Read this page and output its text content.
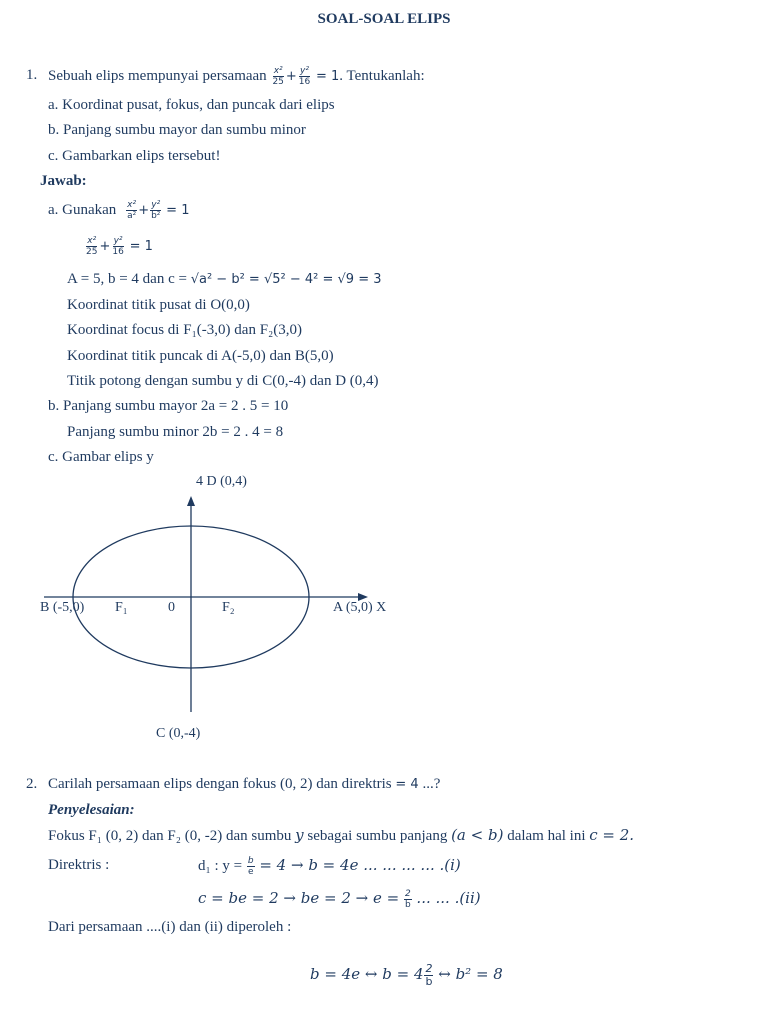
SOAL-SOAL ELIPS
1. Sebuah elips mempunyai persamaan $\frac{\text{x²}}{25} + \frac{\text{y²}}{16} = 1$. Tentukanlah:
a. Koordinat pusat, fokus, dan puncak dari elips
b. Panjang sumbu mayor dan sumbu minor
c. Gambarkan elips tersebut!
Jawab:
a. Gunakan $\frac{\text{x²}}{\text{a²}} + \frac{\text{y²}}{\text{b²}} = 1$
$\frac{\text{x²}}{25} + \frac{\text{y²}}{16} = 1$
A = 5, b = 4 dan c = √a² − b² = √5² − 4² = √9 = 3
Koordinat titik pusat di O(0,0)
Koordinat focus di F₁(-3,0) dan F₂(3,0)
Koordinat titik puncak di A(-5,0) dan B(5,0)
Titik potong dengan sumbu y di C(0,-4) dan D (0,4)
b. Panjang sumbu mayor 2a = 2 . 5 = 10
Panjang sumbu minor 2b = 2 . 4 = 8
c. Gambar elips y
4 D (0,4)
B (-5,0) F₁	0	F₂	A (5,0) X
C (0,-4)
2. Carilah persamaan elips dengan fokus (0, 2) dan direktris = 4 ...?
Penyelesaian:
Fokus F₁ (0, 2) dan F₂ (0, -2) dan sumbu y sebagai sumbu panjang (a < b) dalam hal ini c = 2.
Direktris :	d₁ : $y = \frac{b}{e} = 4 \to b = 4e$ ... ... ... ... .(i)
c = be = 2 → be = $2 \to e = \frac{2}{b}$ ... ... .(ii)
Dari persamaan ....(i) dan (ii) diperoleh :
b = 4e ↔ $b = 4 \frac{2}{b}$ ↔ b² = 8
